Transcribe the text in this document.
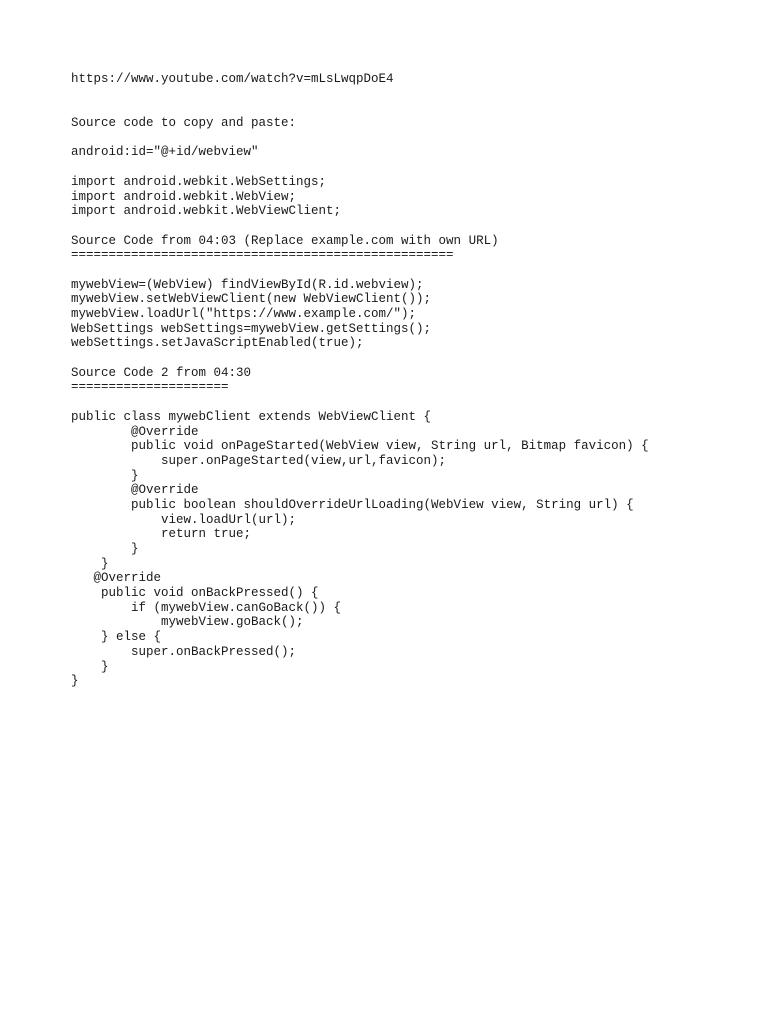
https://www.youtube.com/watch?v=mLsLwqpDoE4
Source code to copy and paste:
android:id="@+id/webview"
import android.webkit.WebSettings;
import android.webkit.WebView;
import android.webkit.WebViewClient;
Source Code from 04:03 (Replace example.com with own URL)
===================================================
mywebView=(WebView) findViewById(R.id.webview);
mywebView.setWebViewClient(new WebViewClient());
mywebView.loadUrl("https://www.example.com/");
WebSettings webSettings=mywebView.getSettings();
webSettings.setJavaScriptEnabled(true);
Source Code 2 from 04:30
=====================
public class mywebClient extends WebViewClient {
@Override
public void onPageStarted(WebView view, String url, Bitmap favicon) {
super.onPageStarted(view,url,favicon);
}
@Override
public boolean shouldOverrideUrlLoading(WebView view, String url) {
view.loadUrl(url);
return true;
}
}
@Override
public void onBackPressed() {
if (mywebView.canGoBack()) {
mywebView.goBack();
} else {
super.onBackPressed();
}
}
